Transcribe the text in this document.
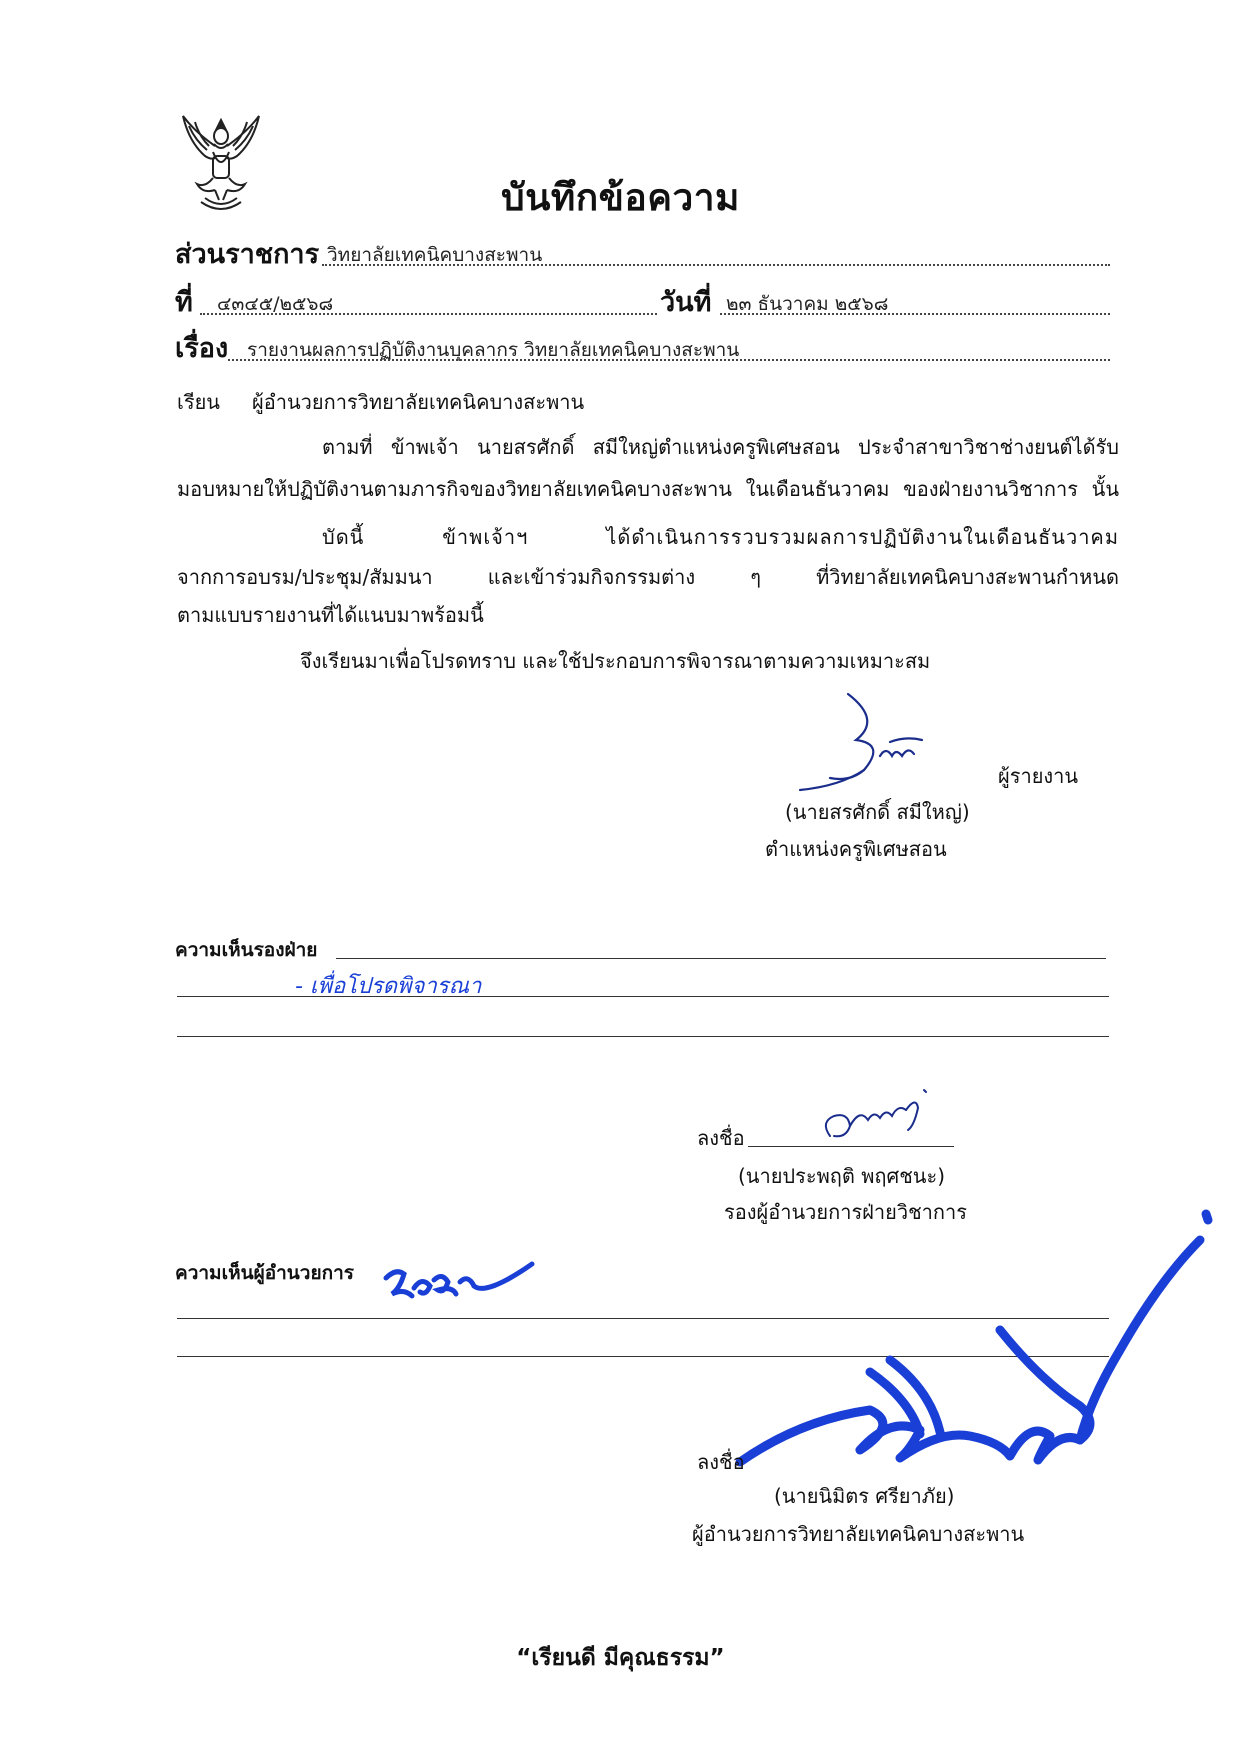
บันทึกข้อความ
ส่วนราชการ วิทยาลัยเทคนิคบางสะพาน
ที่ ๔๓๔๕/๒๕๖๘	วันที่ ๒๓ ธันวาคม ๒๕๖๘
เรื่อง รายงานผลการปฏิบัติงานบุคลากร วิทยาลัยเทคนิคบางสะพาน
เรียน ผู้อำนวยการวิทยาลัยเทคนิคบางสะพาน
ตามที่ ข้าพเจ้า นายสรศักดิ์ สมีใหญ่ตำแหน่งครูพิเศษสอน ประจำสาขาวิชาช่างยนต์ได้รับ
มอบหมายให้ปฏิบัติงานตามภารกิจของวิทยาลัยเทคนิคบางสะพาน ในเดือนธันวาคม ของฝ่ายงานวิชาการ นั้น
บัดนี้ ข้าพเจ้าฯ ได้ดำเนินการรวบรวมผลการปฏิบัติงานในเดือนธันวาคม
จากการอบรม/ประชุม/สัมมนา และเข้าร่วมกิจกรรมต่าง ๆ ที่วิทยาลัยเทคนิคบางสะพานกำหนด
ตามแบบรายงานที่ได้แนบมาพร้อมนี้
จึงเรียนมาเพื่อโปรดทราบ และใช้ประกอบการพิจารณาตามความเหมาะสม
ผู้รายงาน
(นายสรศักดิ์ สมีใหญ่)
ตำแหน่งครูพิเศษสอน
ความเห็นรองฝ่าย
- เพื่อโปรดพิจารณา
ลงชื่อ
(นายประพฤติ พฤศชนะ)
รองผู้อำนวยการฝ่ายวิชาการ
ความเห็นผู้อำนวยการ
ลงชื่อ
(นายนิมิตร ศรียาภัย)
ผู้อำนวยการวิทยาลัยเทคนิคบางสะพาน
“เรียนดี มีคุณธรรม”
